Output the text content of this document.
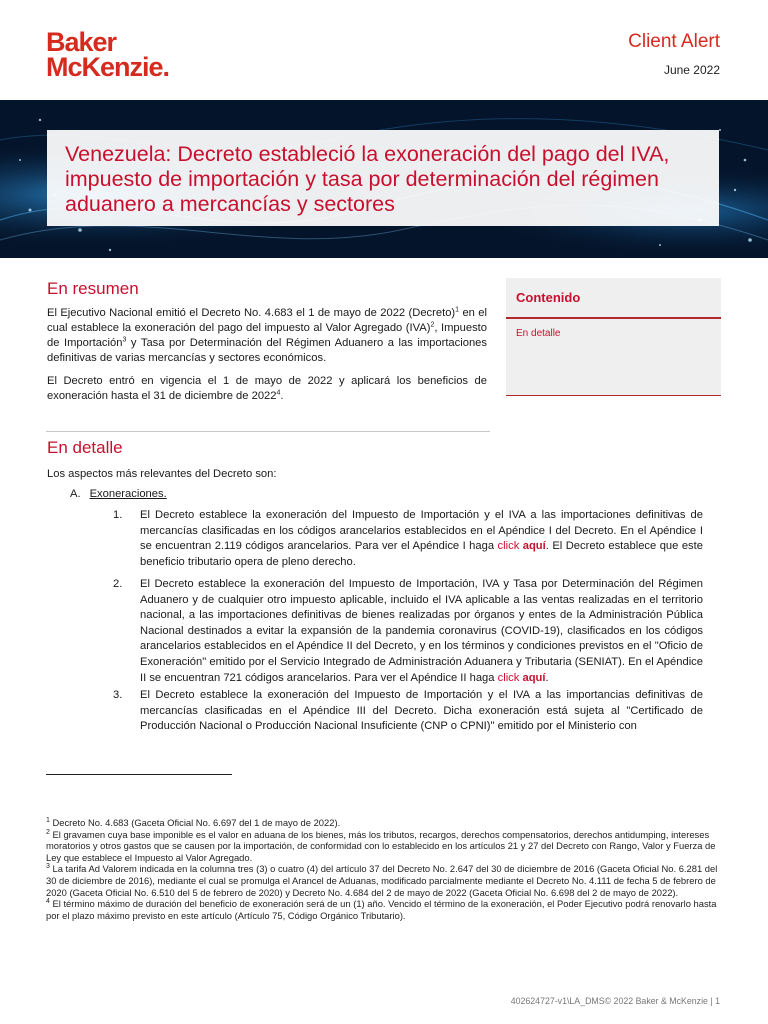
Baker
McKenzie.
Client Alert
June 2022
Venezuela: Decreto estableció la exoneración del pago del IVA, impuesto de importación y tasa por determinación del régimen aduanero a mercancías y sectores
En resumen

El Ejecutivo Nacional emitió el Decreto No. 4.683 el 1 de mayo de 2022 (Decreto)$^1$ en el cual establece la exoneración del pago del impuesto al Valor Agregado (IVA)$^2$, Impuesto de Importación$^3$ y Tasa por Determinación del Régimen Aduanero a las importaciones definitivas de varias mercancías y sectores económicos.

El Decreto entró en vigencia el 1 de mayo de 2022 y aplicará los beneficios de exoneración hasta el 31 de diciembre de 2022$^4$.

Contenido
En detalle
En detalle

Los aspectos más relevantes del Decreto son:

A. Exoneraciones.
1.	El Decreto establece la exoneración del Impuesto de Importación y el IVA a las importaciones definitivas de mercancías clasificadas en los códigos arancelarios establecidos en el Apéndice I del Decreto. En el Apéndice I se encuentran 2.119 códigos arancelarios. Para ver el Apéndice I haga click aquí. El Decreto establece que este beneficio tributario opera de pleno derecho.
2.	El Decreto establece la exoneración del Impuesto de Importación, IVA y Tasa por Determinación del Régimen Aduanero y de cualquier otro impuesto aplicable, incluido el IVA aplicable a las ventas realizadas en el territorio nacional, a las importaciones definitivas de bienes realizadas por órganos y entes de la Administración Pública Nacional destinados a evitar la expansión de la pandemia coronavirus (COVID-19), clasificados en los códigos arancelarios establecidos en el Apéndice II del Decreto, y en los términos y condiciones previstos en el "Oficio de Exoneración" emitido por el Servicio Integrado de Administración Aduanera y Tributaria (SENIAT). En el Apéndice II se encuentran 721 códigos arancelarios. Para ver el Apéndice II haga click aquí.
3.	El Decreto establece la exoneración del Impuesto de Importación y el IVA a las importancias definitivas de mercancías clasificadas en el Apéndice III del Decreto. Dicha exoneración está sujeta al "Certificado de Producción Nacional o Producción Nacional Insuficiente (CNP o CPNI)" emitido por el Ministerio con
$^1$ Decreto No. 4.683 (Gaceta Oficial No. 6.697 del 1 de mayo de 2022).
$^2$ El gravamen cuya base imponible es el valor en aduana de los bienes, más los tributos, recargos, derechos compensatorios, derechos antidumping, intereses moratorios y otros gastos que se causen por la importación, de conformidad con lo establecido en los artículos 21 y 27 del Decreto con Rango, Valor y Fuerza de Ley que establece el Impuesto al Valor Agregado.
$^3$ La tarifa Ad Valorem indicada en la columna tres (3) o cuatro (4) del artículo 37 del Decreto No. 2.647 del 30 de diciembre de 2016 (Gaceta Oficial No. 6.281 del 30 de diciembre de 2016), mediante el cual se promulga el Arancel de Aduanas, modificado parcialmente mediante el Decreto No. 4.111 de fecha 5 de febrero de 2020 (Gaceta Oficial No. 6.510 del 5 de febrero de 2020) y Decreto No. 4.684 del 2 de mayo de 2022 (Gaceta Oficial No. 6.698 del 2 de mayo de 2022).
$^4$ El término máximo de duración del beneficio de exoneración será de un (1) año. Vencido el término de la exoneración, el Poder Ejecutivo podrá renovarlo hasta por el plazo máximo previsto en este artículo (Artículo 75, Código Orgánico Tributario).
402624727-v1\LA_DMS© 2022 Baker & McKenzie | 1
